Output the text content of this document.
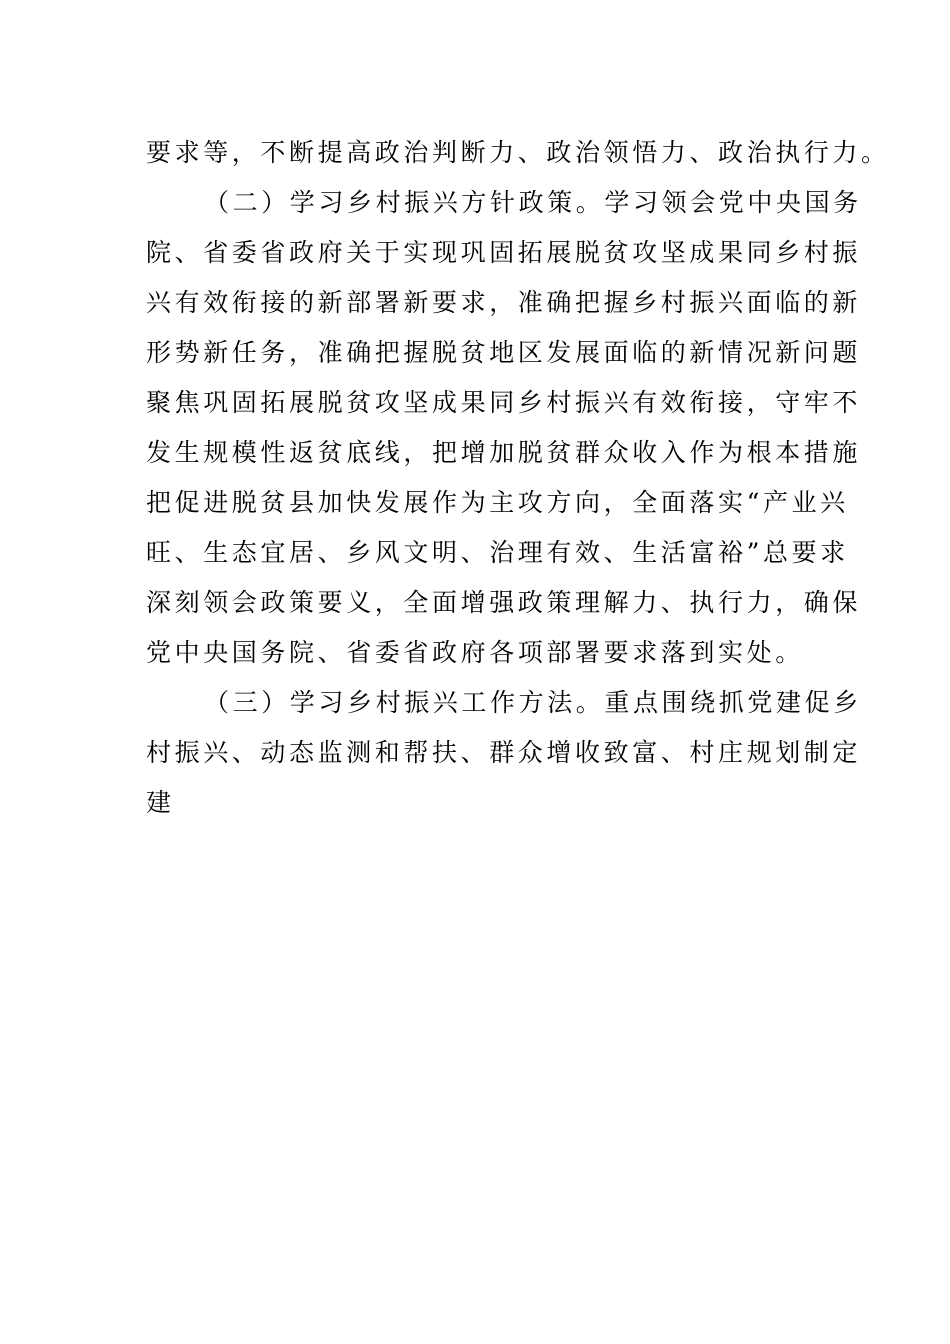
要求等，不断提高政治判断力、政治领悟力、政治执行力。
（二）学习乡村振兴方针政策。学习领会党中央国务
院、省委省政府关于实现巩固拓展脱贫攻坚成果同乡村振
兴有效衔接的新部署新要求，准确把握乡村振兴面临的新
形势新任务，准确把握脱贫地区发展面临的新情况新问题
聚焦巩固拓展脱贫攻坚成果同乡村振兴有效衔接，守牢不
发生规模性返贫底线，把增加脱贫群众收入作为根本措施
把促进脱贫县加快发展作为主攻方向，全面落实“产业兴
旺、生态宜居、乡风文明、治理有效、生活富裕”总要求
深刻领会政策要义，全面增强政策理解力、执行力，确保
党中央国务院、省委省政府各项部署要求落到实处。
（三）学习乡村振兴工作方法。重点围绕抓党建促乡
村振兴、动态监测和帮扶、群众增收致富、村庄规划制定
建
